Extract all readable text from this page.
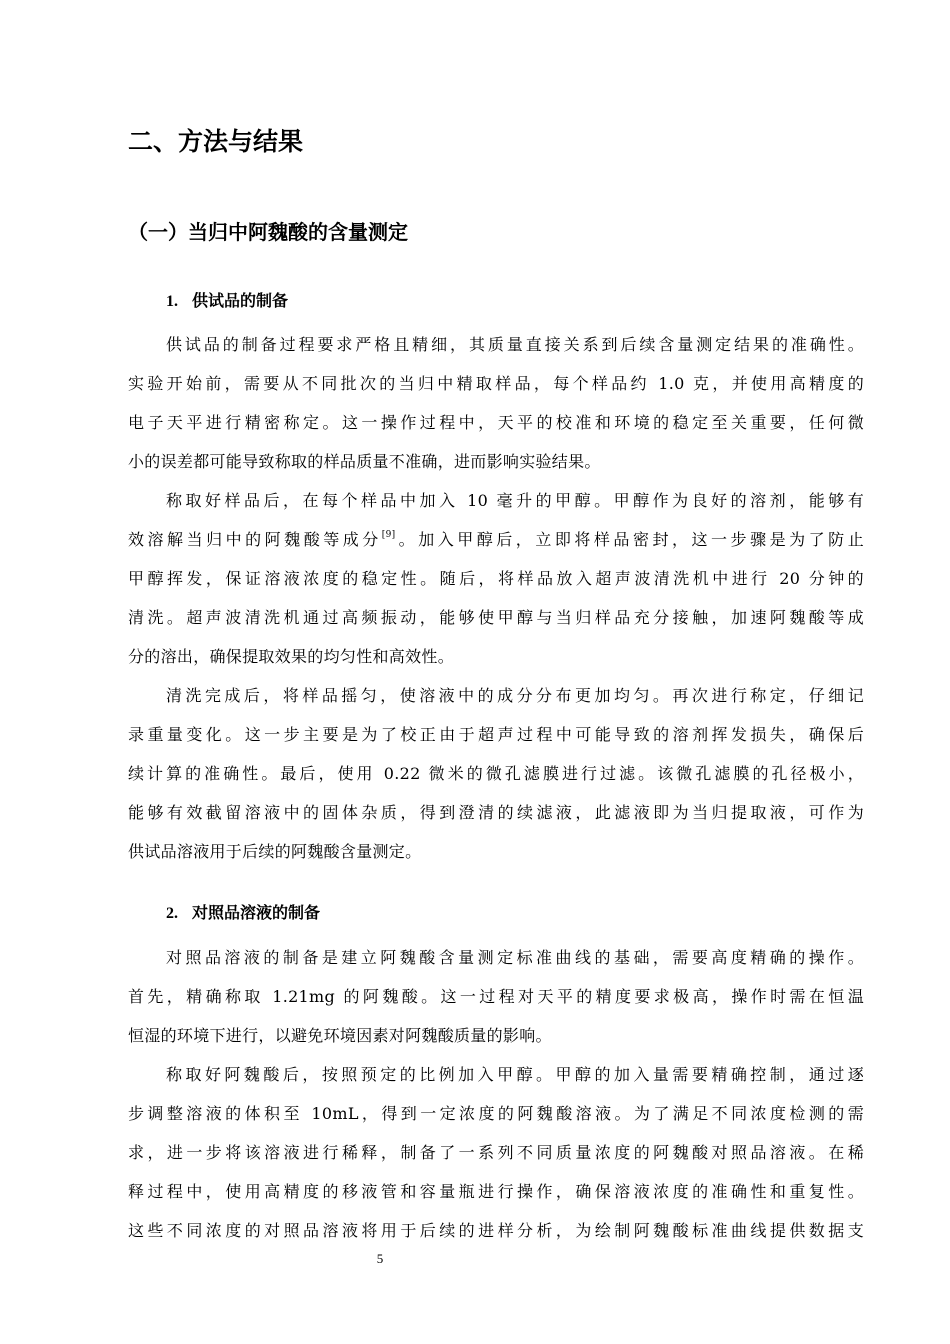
二、方法与结果
（一）当归中阿魏酸的含量测定
1. 供试品的制备
供试品的制备过程要求严格且精细，其质量直接关系到后续含量测定结果的准确性。
实验开始前，需要从不同批次的当归中精取样品，每个样品约 1.0 克，并使用高精度的
电子天平进行精密称定。这一操作过程中，天平的校准和环境的稳定至关重要，任何微
小的误差都可能导致称取的样品质量不准确，进而影响实验结果。
称取好样品后，在每个样品中加入 10 毫升的甲醇。甲醇作为良好的溶剂，能够有
效溶解当归中的阿魏酸等成分[9]。加入甲醇后，立即将样品密封，这一步骤是为了防止
甲醇挥发，保证溶液浓度的稳定性。随后，将样品放入超声波清洗机中进行 20 分钟的
清洗。超声波清洗机通过高频振动，能够使甲醇与当归样品充分接触，加速阿魏酸等成
分的溶出，确保提取效果的均匀性和高效性。
清洗完成后，将样品摇匀，使溶液中的成分分布更加均匀。再次进行称定，仔细记
录重量变化。这一步主要是为了校正由于超声过程中可能导致的溶剂挥发损失，确保后
续计算的准确性。最后，使用 0.22 微米的微孔滤膜进行过滤。该微孔滤膜的孔径极小，
能够有效截留溶液中的固体杂质，得到澄清的续滤液，此滤液即为当归提取液，可作为
供试品溶液用于后续的阿魏酸含量测定。
2. 对照品溶液的制备
对照品溶液的制备是建立阿魏酸含量测定标准曲线的基础，需要高度精确的操作。
首先，精确称取 1.21mg 的阿魏酸。这一过程对天平的精度要求极高，操作时需在恒温
恒湿的环境下进行，以避免环境因素对阿魏酸质量的影响。
称取好阿魏酸后，按照预定的比例加入甲醇。甲醇的加入量需要精确控制，通过逐
步调整溶液的体积至 10mL，得到一定浓度的阿魏酸溶液。为了满足不同浓度检测的需
求，进一步将该溶液进行稀释，制备了一系列不同质量浓度的阿魏酸对照品溶液。在稀
释过程中，使用高精度的移液管和容量瓶进行操作，确保溶液浓度的准确性和重复性。
这些不同浓度的对照品溶液将用于后续的进样分析，为绘制阿魏酸标准曲线提供数据支
5
